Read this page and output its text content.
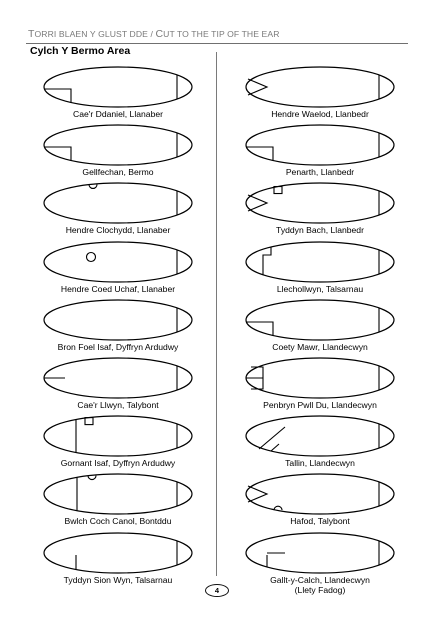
TORRI BLAEN Y GLUST DDE / CUT TO THE TIP OF THE EAR
Cylch Y Bermo Area
Cae'r Ddaniel, Llanaber
Gellfechan, Bermo
Hendre Clochydd, Llanaber
Hendre Coed Uchaf, Llanaber
Bron Foel Isaf, Dyffryn Ardudwy
Cae'r Llwyn, Talybont
Gornant Isaf, Dyffryn Ardudwy
Bwlch Coch Canol, Bontddu
Tyddyn Sion Wyn, Talsarnau
Hendre Waelod, Llanbedr
Penarth, Llanbedr
Tyddyn Bach, Llanbedr
Llechollwyn, Talsarnau
Coety Mawr, Llandecwyn
Penbryn Pwll Du, Llandecwyn
Tallin, Llandecwyn
Hafod, Talybont
Gallt-y-Calch, Llandecwyn
(Llety Fadog)
4
